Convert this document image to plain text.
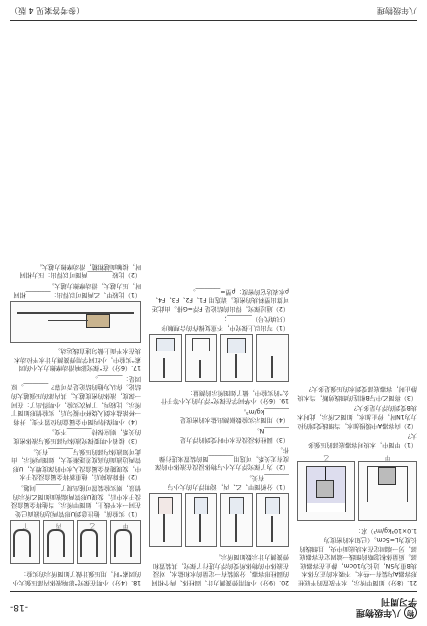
物八年级物理
学习周刊
-18-

21.（8分）如图甲所示，水平放置的平底柱形容器A内装有一些水，不吸水的正方体木块B重为5N，边长为10cm，静止在容器底部。质量体积忽略的细线一端固定在容器底部，另一端固定在木块底面中央，且细线的长度为L=5cm。（已知水的密度为1.0×10³kg/m³）求：

甲
乙

（1）甲图中，木块对容器底部的压强多大？

（2）向容器A中缓慢加水，当细线受到的拉力为1N时，停止加水，如图乙所示，此时木块B受到的浮力是多大？

（3）将图乙中与B相连的细线剪断，当木块静止时，容器底部受到水的压强是多大？

20.（9分）小明用弹簧测力计、圆柱体、两个相同的圆柱形容器，分别装有一定量的水和盐水，对浸在液体中的物体所受的浮力进行了探究，其装置和弹簧测力计示数如图所示。

（1）分析图甲、乙、丙，说明浮力的大小与________有关。

（2）为了探究浮力大小与物体浸没在液体中的深度有无关系，可选用________图的装置来进行操作。

（3）圆柱体浸没在水中时受到的浮力是________N。

（4）用图示实验数据测出盐水的密度是________kg/m³。

19.（6分）小华同学在探究“浮力的大小等于什么”的实验中，做了如图所示的测量：

（1）写出以上探究中，不重复操作的合理顺序（只填代号）________；

（2）通过探究，得出的结论是 F浮=G排。由此还可算出塑料块的密度。请选用 F1、F2、F3、F4、ρ水表达它的密度：ρ塑=________。

18.（4分）小明在探究“影响液体内部压强大小的因素”时，用压强计做了如图所示的实验：

甲
乙
丙
丁

（1）实验前，他注意到U形管两边的液面已处在同一水平线上，如图甲所示。当他将金属盒浸没于水中后，发现U形管两端液面如图乙所示的情景，则实验装置可能出现了________问题。

（2）排除故障后，他重新将金属盒浸没于水中，发现随着金属盒没入水中的深度增大，U形管两边液面的高度差逐渐变大，如图丙所示，由此可知液体内部的压强与________有关。

（3）接着小明要探究液体内部压强与液体密度的关系，则应保持________不变。

（4）小明保持丙图中金属盒的位置不变，并将一杯浓盐水倒入烧杯中搅匀后，实验情形如图丁所示。比较丙、丁两次实验，小明得出了：在同一深度，液体的密度越大，其内部的压强越大的结论。你认为他的结论是否可靠？________。原因是：________。

17.（6分）在“探究影响滑动摩擦力大小的因素”实验中，小红同学用弹簧测力计水平拉动木块在水平面上做匀速直线运动。

（1）比较甲、乙两图可以得出：________相同时，压力越大，滑动摩擦力越大。

（2）比较________两图可以得出：压力相同时，接触面越粗糙，滑动摩擦力越大。

八年级物理
（参考答案见 4 版）
